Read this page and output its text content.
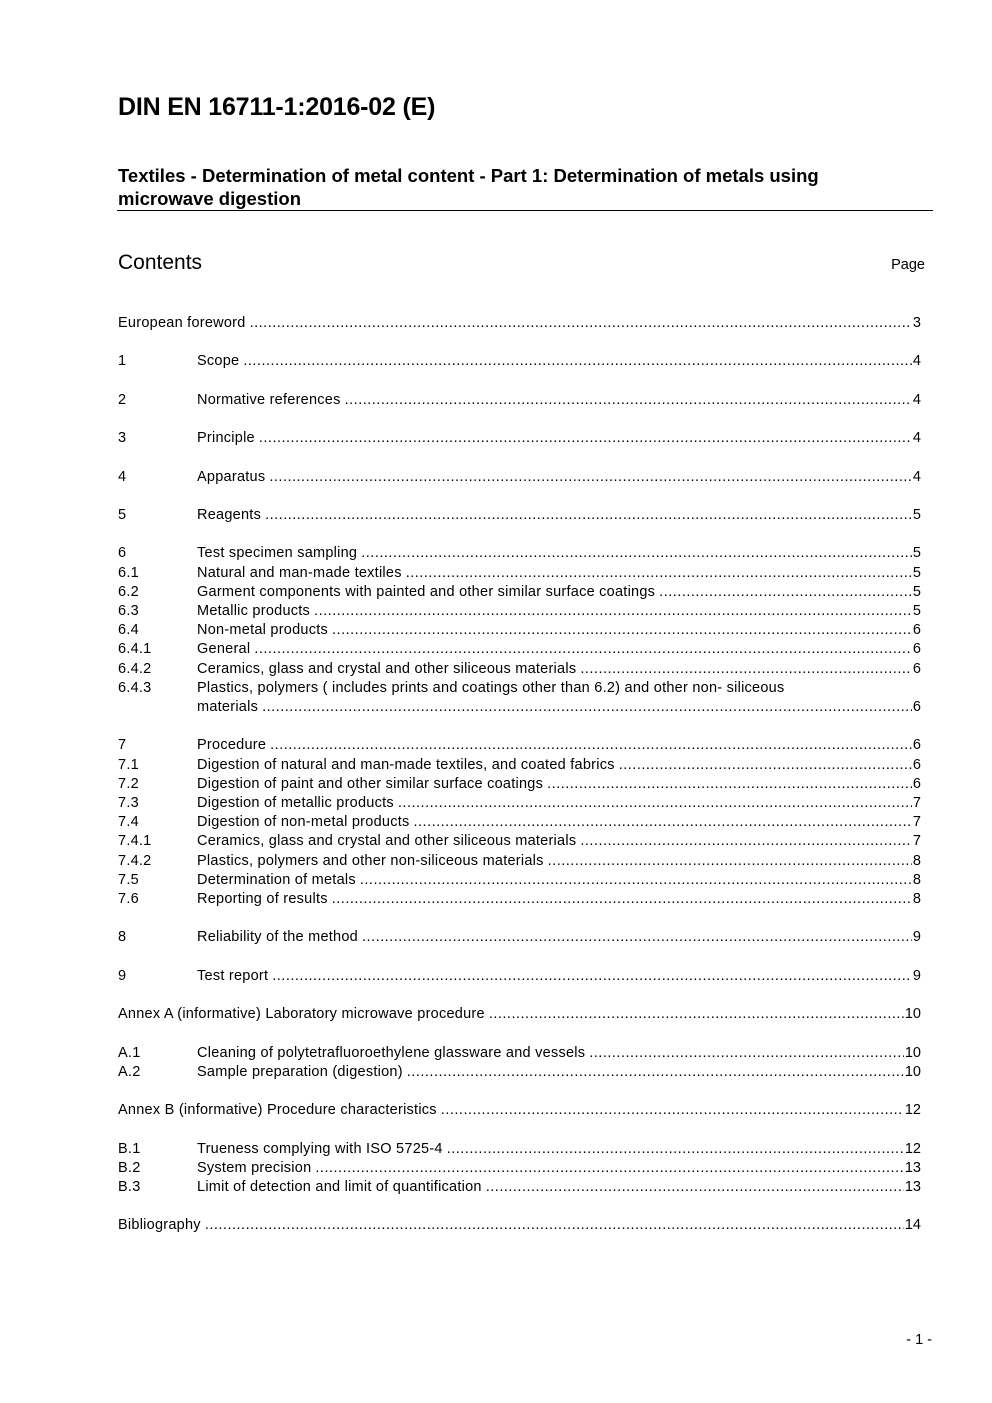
DIN EN 16711-1:2016-02 (E)
Textiles - Determination of metal content - Part 1: Determination of metals using microwave digestion
Contents	Page
European foreword .....	3
1	Scope .....	4
2	Normative references .....	4
3	Principle .....	4
4	Apparatus .....	4
5	Reagents .....	5
6	Test specimen sampling .....	5
6.1	Natural and man-made textiles .....	5
6.2	Garment components with painted and other similar surface coatings .....	5
6.3	Metallic products .....	5
6.4	Non-metal products .....	6
6.4.1	General .....	6
6.4.2	Ceramics, glass and crystal and other siliceous materials .....	6
6.4.3	Plastics, polymers ( includes prints and coatings other than 6.2) and other non- siliceous
materials .....	6
7	Procedure .....	6
7.1	Digestion of natural and man-made textiles, and coated fabrics .....	6
7.2	Digestion of paint and other similar surface coatings .....	6
7.3	Digestion of metallic products .....	7
7.4	Digestion of non-metal products .....	7
7.4.1	Ceramics, glass and crystal and other siliceous materials .....	7
7.4.2	Plastics, polymers and other non-siliceous materials .....	8
7.5	Determination of metals .....	8
7.6	Reporting of results .....	8
8	Reliability of the method .....	9
9	Test report .....	9
Annex A (informative) Laboratory microwave procedure .....	10
A.1	Cleaning of polytetrafluoroethylene glassware and vessels .....	10
A.2	Sample preparation (digestion) .....	10
Annex B (informative) Procedure characteristics .....	12
B.1	Trueness complying with ISO 5725-4 .....	12
B.2	System precision .....	13
B.3	Limit of detection and limit of quantification .....	13
Bibliography .....	14
- 1 -
